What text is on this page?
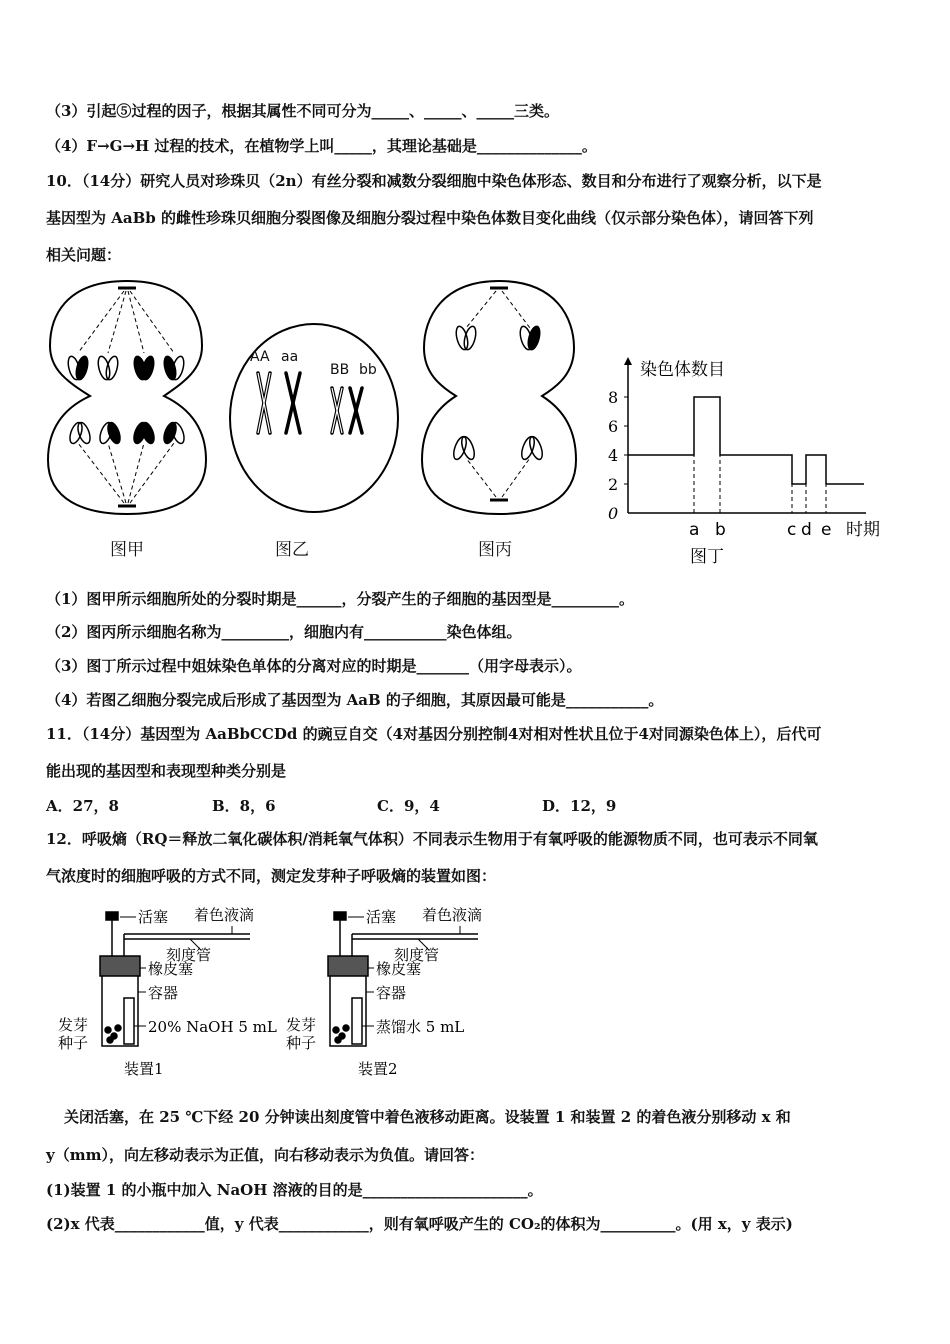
（3）引起⑤过程的因子，根据其属性不同可分为_____、_____、_____三类。
（4）F→G→H 过程的技术，在植物学上叫_____，其理论基础是______________。
10．（14分）研究人员对珍珠贝（2n）有丝分裂和减数分裂细胞中染色体形态、数目和分布进行了观察分析，以下是
基因型为 AaBb 的雌性珍珠贝细胞分裂图像及细胞分裂过程中染色体数目变化曲线（仅示部分染色体），请回答下列
相关问题：
图甲
AA aa
BB bb
图乙	图丙
染色体数目
时期
图丁
0
2
4
6
8
a b	c d e
（1）图甲所示细胞所处的分裂时期是______，分裂产生的子细胞的基因型是_________。
（2）图丙所示细胞名称为_________，细胞内有___________染色体组。
（3）图丁所示过程中姐妹染色单体的分离对应的时期是_______（用字母表示）。
（4）若图乙细胞分裂完成后形成了基因型为 AaB 的子细胞，其原因最可能是___________。
11．（14分）基因型为 AaBbCCDd 的豌豆自交（4对基因分别控制4对相对性状且位于4对同源染色体上），后代可
能出现的基因型和表现型种类分别是
A．27，8	B．8，6	C．9，4	D．12，9
12．呼吸熵（RQ＝释放二氧化碳体积/消耗氧气体积）不同表示生物用于有氧呼吸的能源物质不同，也可表示不同氧
气浓度时的细胞呼吸的方式不同，测定发芽种子呼吸熵的装置如图：
活塞 着色液滴
刻度管
橡皮塞
容器
20% NaOH 5 mL
发芽
种子
装置1
活塞 着色液滴
刻度管
橡皮塞
容器
蒸馏水 5 mL
发芽
种子
装置2
关闭活塞，在 25 ℃下经 20 分钟读出刻度管中着色液移动距离。设装置 1 和装置 2 的着色液分别移动 x 和
y（mm），向左移动表示为正值，向右移动表示为负值。请回答：
(1)装置 1 的小瓶中加入 NaOH 溶液的目的是______________________。
(2)x 代表____________值，y 代表____________，则有氧呼吸产生的 CO₂的体积为__________。(用 x，y 表示)
